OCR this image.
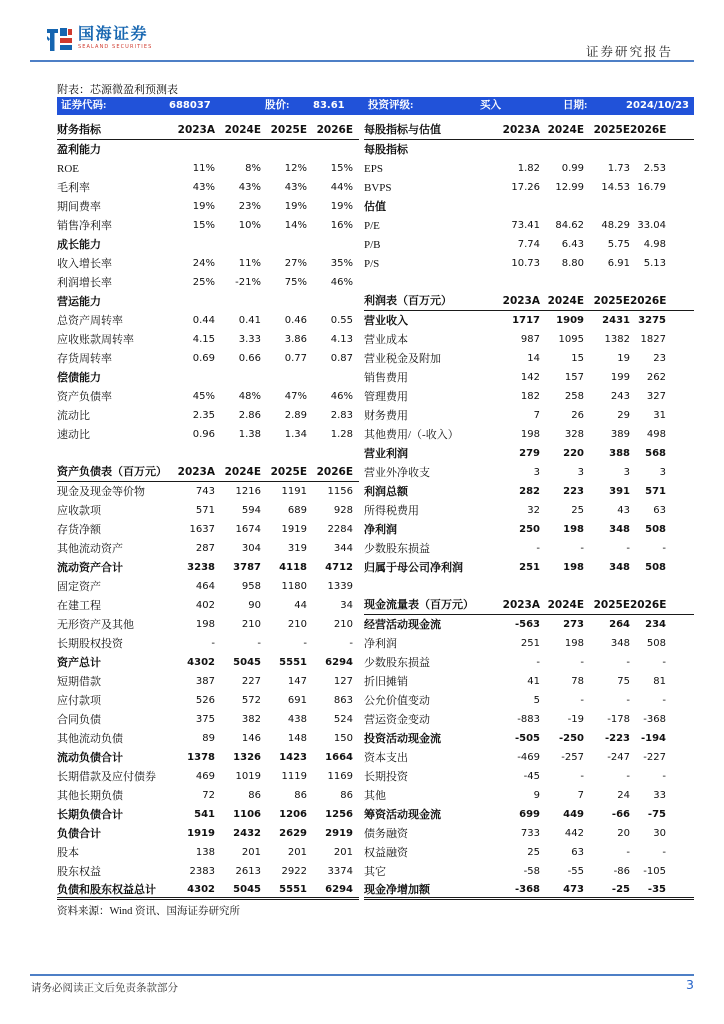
国海证券
SEALAND SECURITIES	证券研究报告
附表：芯源微盈利预测表
证券代码:	688037	股价: 83.61 投资评级:	买入	日期:	2024/10/23
财务指标	2023A 2024E 2025E 2026E
盈利能力
ROE	11%	8%	12%	15%
毛利率	43%	43%	43%	44%
期间费率	19%	23%	19%	19%
销售净利率	15%	10%	14%	16%
成长能力
收入增长率	24%	11%	27%	35%
利润增长率	25%	-21%	75%	46%
营运能力
总资产周转率	0.44	0.41	0.46	0.55
应收账款周转率	4.15	3.33	3.86	4.13
存货周转率	0.69	0.66	0.77	0.87
偿债能力
资产负债率	45%	48%	47%	46%
流动比	2.35	2.86	2.89	2.83
速动比	0.96	1.38	1.34	1.28
资产负债表（百万元）	2023A 2024E 2025E 2026E
现金及现金等价物	743	1216	1191	1156
应收款项	571	594	689	928
存货净额	1637	1674	1919	2284
其他流动资产	287	304	319	344
流动资产合计	3238	3787	4118	4712
固定资产	464	958	1180	1339
在建工程	402	90	44	34
无形资产及其他	198	210	210	210
长期股权投资	-	-	-	-
资产总计	4302	5045	5551	6294
短期借款	387	227	147	127
应付款项	526	572	691	863
合同负债	375	382	438	524
其他流动负债	89	146	148	150
流动负债合计	1378	1326	1423	1664
长期借款及应付债券	469	1019	1119	1169
其他长期负债	72	86	86	86
长期负债合计	541	1106	1206	1256
负债合计	1919	2432	2629	2919
股本	138	201	201	201
股东权益	2383	2613	2922	3374
负债和股东权益总计	4302	5045	5551	6294
每股指标与估值	2023A 2024E 2025E 2026E
每股指标
EPS	1.82	0.99	1.73	2.53
BVPS	17.26	12.99	14.53 16.79
估值
P/E	73.41	84.62	48.29 33.04
P/B	7.74	6.43	5.75	4.98
P/S	10.73	8.80	6.91	5.13
利润表（百万元）	2023A 2024E 2025E 2026E
营业收入	1717	1909	2431 3275
营业成本	987	1095	1382	1827
营业税金及附加	14	15	19	23
销售费用	142	157	199	262
管理费用	182	258	243	327
财务费用	7	26	29	31
其他费用/（-收入）	198	328	389	498
营业利润	279	220	388	568
营业外净收支	3	3	3	3
利润总额	282	223	391	571
所得税费用	32	25	43	63
净利润	250	198	348	508
少数股东损益	-	-	-	-
归属于母公司净利润	251	198	348	508
现金流量表（百万元）	2023A 2024E 2025E 2026E
经营活动现金流	-563	273	264	234
净利润	251	198	348	508
少数股东损益	-	-	-	-
折旧摊销	41	78	75	81
公允价值变动	5	-	-	-
营运资金变动	-883	-19	-178	-368
投资活动现金流	-505	-250	-223	-194
资本支出	-469	-257	-247	-227
长期投资	-45	-	-	-
其他	9	7	24	33
筹资活动现金流	699	449	-66	-75
债务融资	733	442	20	30
权益融资	25	63	-	-
其它	-58	-55	-86	-105
现金净增加额	-368	473	-25	-35
资料来源：Wind 资讯、国海证券研究所
请务必阅读正文后免责条款部分	3
